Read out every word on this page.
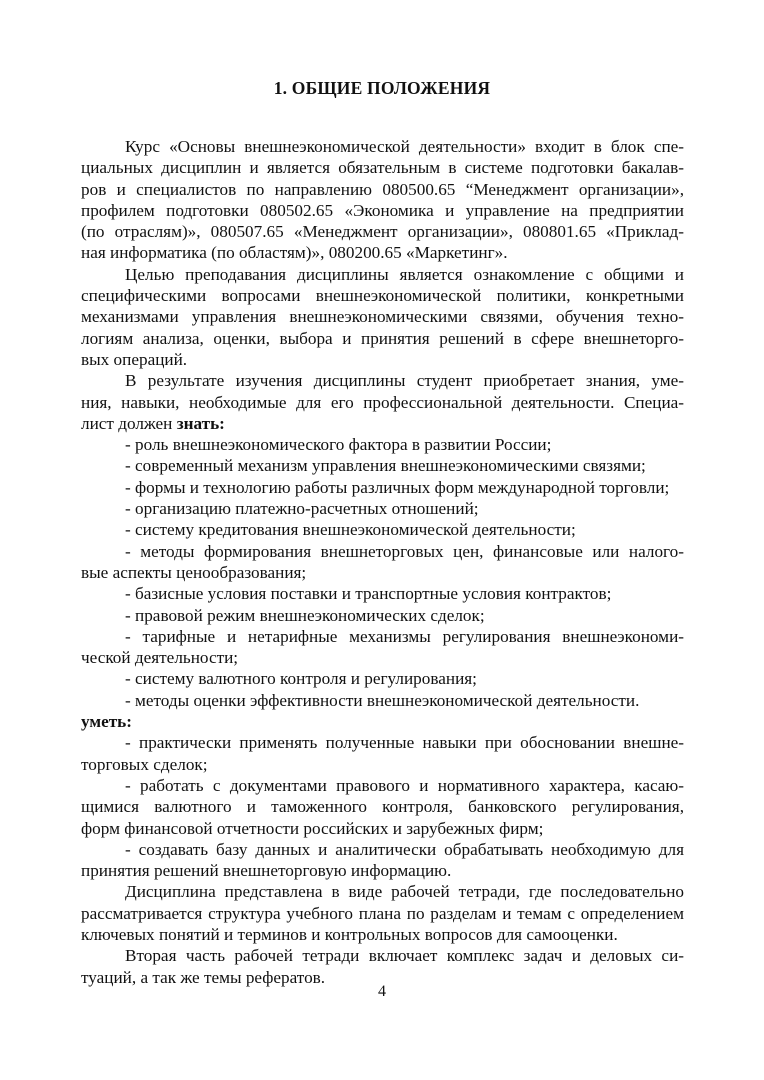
1. ОБЩИЕ ПОЛОЖЕНИЯ
Курс «Основы внешнеэкономической деятельности» входит в блок спе-
циальных дисциплин и является обязательным в системе подготовки бакалав-
ров и специалистов по направлению 080500.65 “Менеджмент организации»,
профилем подготовки 080502.65 «Экономика и управление на предприятии
(по отраслям)», 080507.65 «Менеджмент организации», 080801.65 «Приклад-
ная информатика (по областям)», 080200.65 «Маркетинг».
Целью преподавания дисциплины является ознакомление с общими и
специфическими вопросами внешнеэкономической политики, конкретными
механизмами управления внешнеэкономическими связями, обучения техно-
логиям анализа, оценки, выбора и принятия решений в сфере внешнеторго-
вых операций.
В результате изучения дисциплины студент приобретает знания, уме-
ния, навыки, необходимые для его профессиональной деятельности. Специа-
лист должен знать:
- роль внешнеэкономического фактора в развитии России;
- современный механизм управления внешнеэкономическими связями;
- формы и технологию работы различных форм международной торговли;
- организацию платежно-расчетных отношений;
- систему кредитования внешнеэкономической деятельности;
- методы формирования внешнеторговых цен, финансовые или налого-
вые аспекты ценообразования;
- базисные условия поставки и транспортные условия контрактов;
- правовой режим внешнеэкономических сделок;
- тарифные и нетарифные механизмы регулирования внешнеэкономи-
ческой деятельности;
- систему валютного контроля и регулирования;
- методы оценки эффективности внешнеэкономической деятельности.
уметь:
- практически применять полученные навыки при обосновании внешне-
торговых сделок;
- работать с документами правового и нормативного характера, касаю-
щимися валютного и таможенного контроля, банковского регулирования,
форм финансовой отчетности российских и зарубежных фирм;
- создавать базу данных и аналитически обрабатывать необходимую для
принятия решений внешнеторговую информацию.
Дисциплина представлена в виде рабочей тетради, где последовательно
рассматривается структура учебного плана по разделам и темам с определением
ключевых понятий и терминов и контрольных вопросов для самооценки.
Вторая часть рабочей тетради включает комплекс задач и деловых си-
туаций, а так же темы рефератов.
4
